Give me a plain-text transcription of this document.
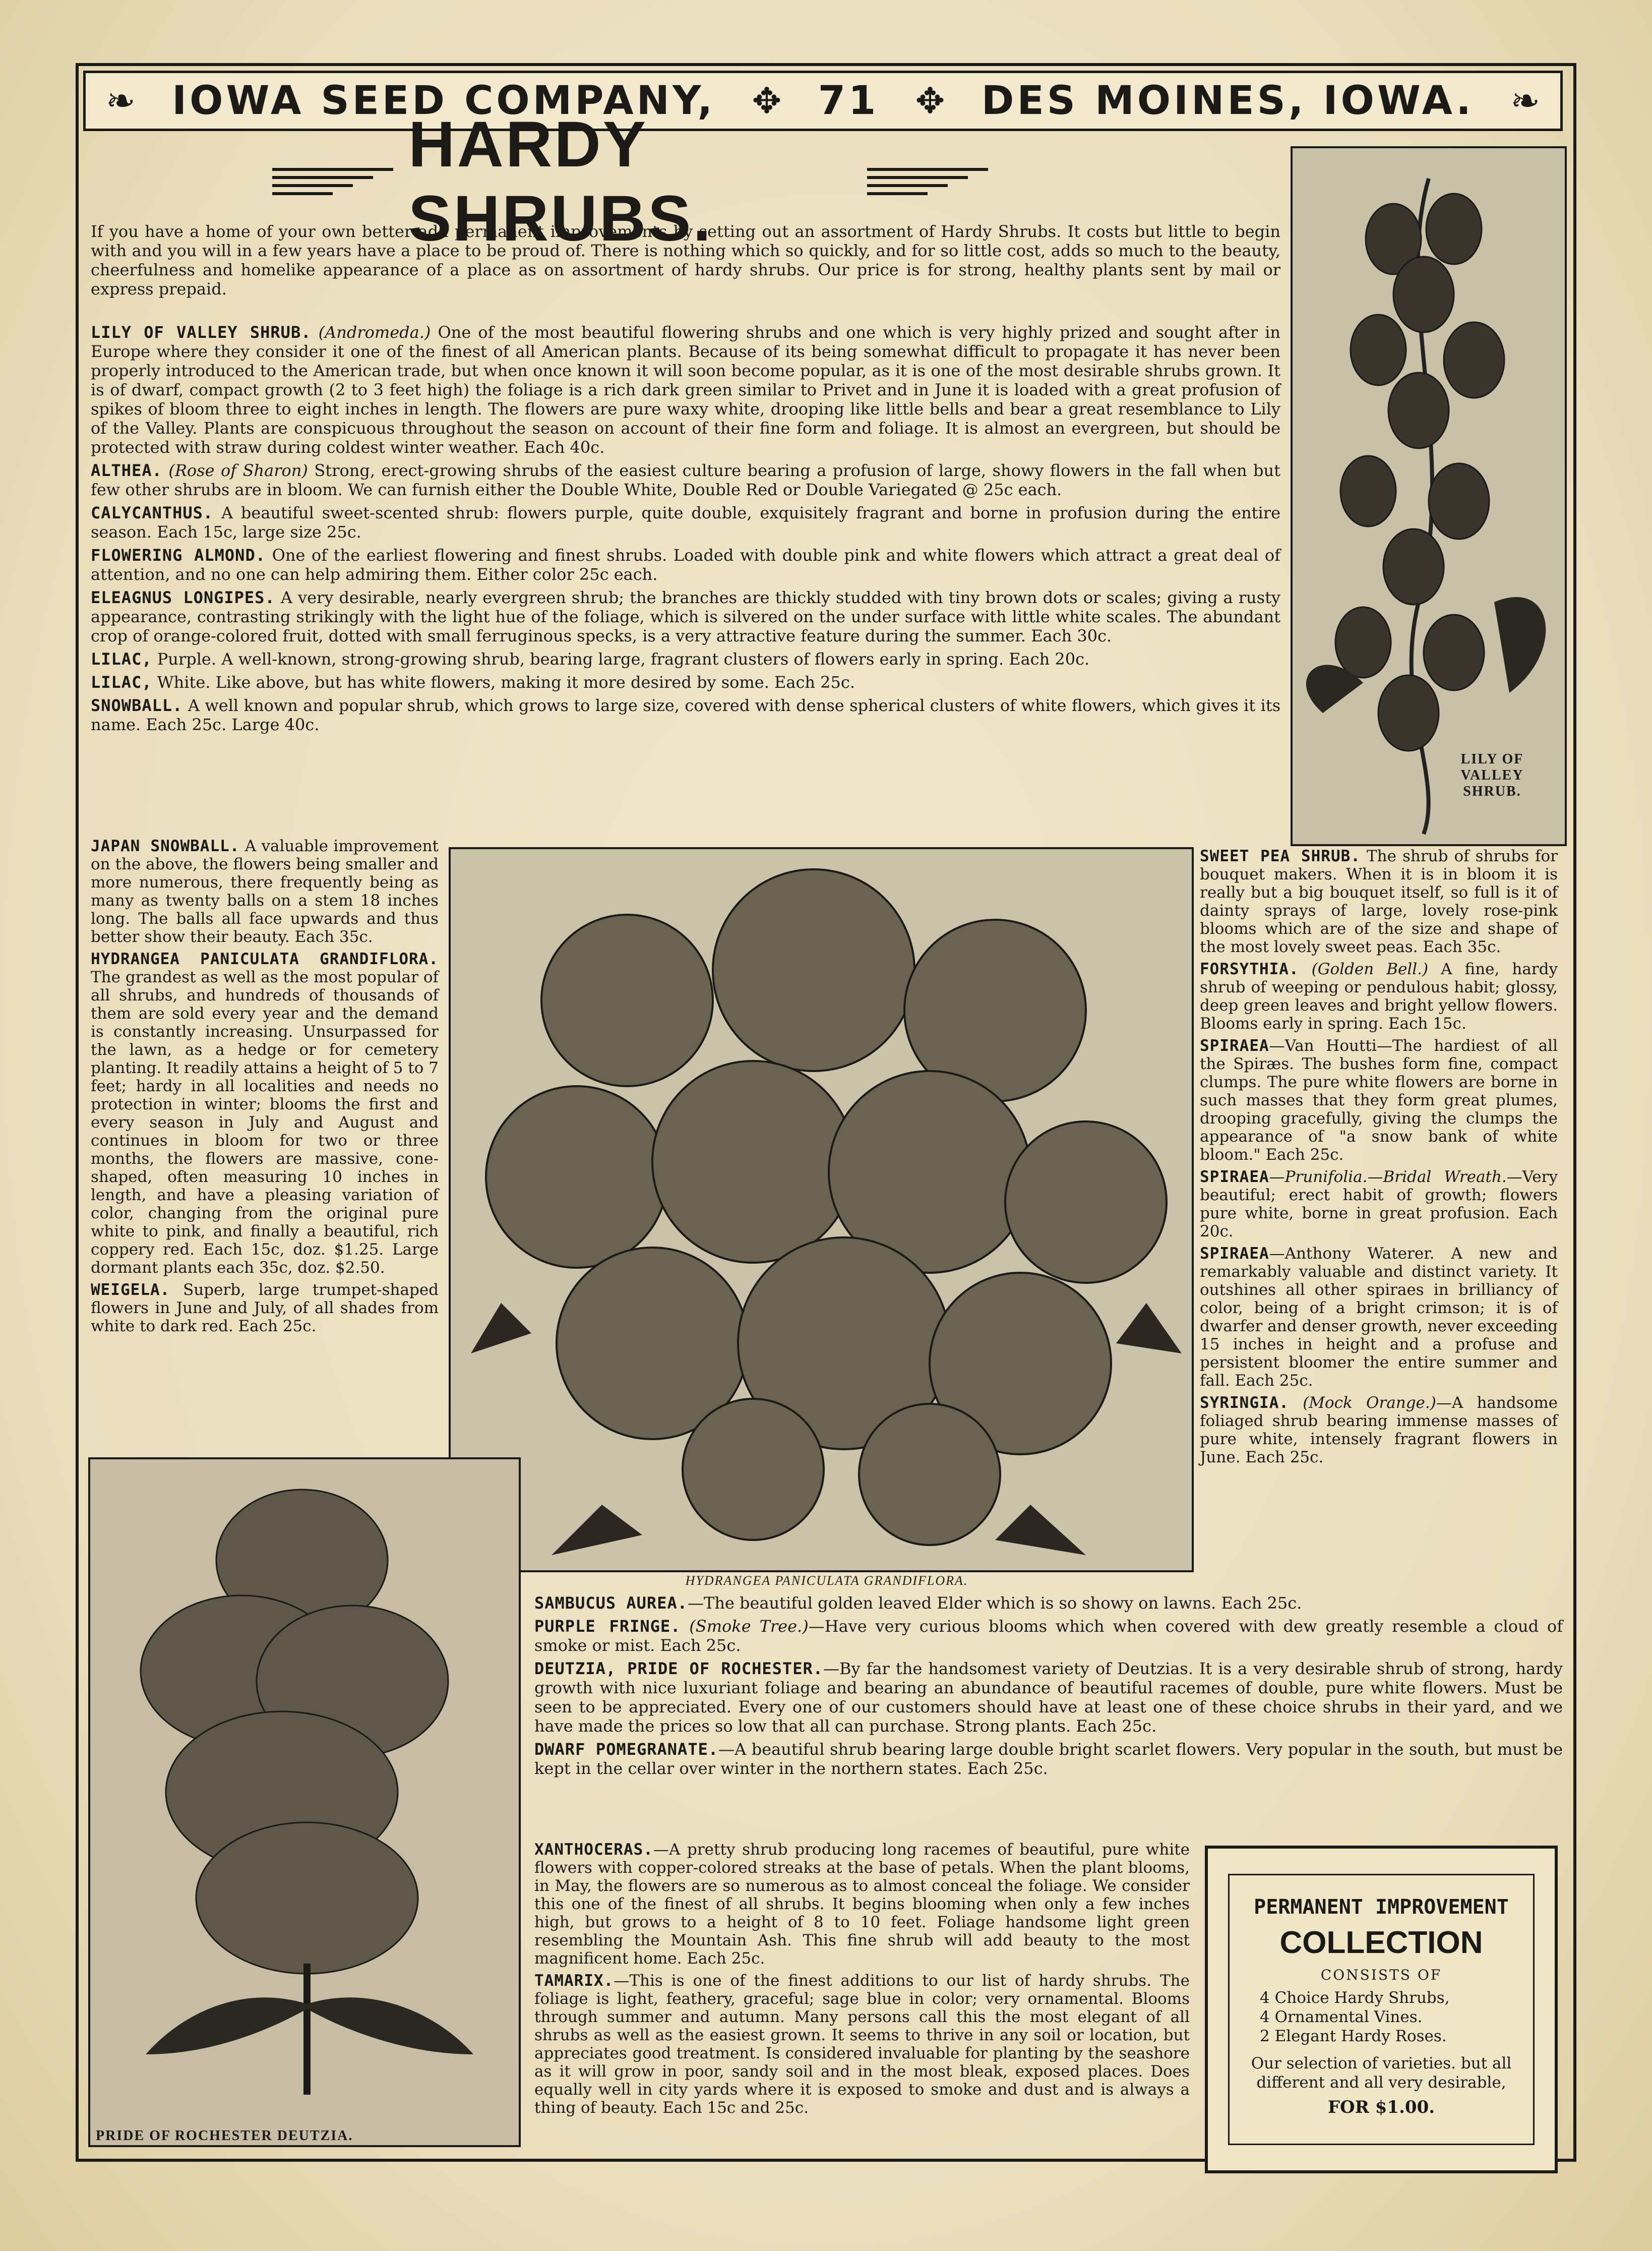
❧ IOWA SEED COMPANY, ✥ 71 ✥ DES MOINES, IOWA. ❧
HARDY SHRUBS.
LILY OF VALLEY SHRUB.

If you have a home of your own better add permanent improvements by setting out an assortment of Hardy Shrubs. It costs but little to begin with and you will in a few years have a place to be proud of. There is nothing which so quickly, and for so little cost, adds so much to the beauty, cheerfulness and homelike appearance of a place as on assortment of hardy shrubs. Our price is for strong, healthy plants sent by mail or express prepaid.

LILY OF VALLEY SHRUB. (Andromeda.) One of the most beautiful flowering shrubs and one which is very highly prized and sought after in Europe where they consider it one of the finest of all American plants. Because of its being somewhat difficult to propagate it has never been properly introduced to the American trade, but when once known it will soon become popular, as it is one of the most desirable shrubs grown. It is of dwarf, compact growth (2 to 3 feet high) the foliage is a rich dark green similar to Privet and in June it is loaded with a great profusion of spikes of bloom three to eight inches in length. The flowers are pure waxy white, drooping like little bells and bear a great resemblance to Lily of the Valley. Plants are conspicuous throughout the season on account of their fine form and foliage. It is almost an evergreen, but should be protected with straw during coldest winter weather. Each 40c.

ALTHEA. (Rose of Sharon) Strong, erect-growing shrubs of the easiest culture bearing a profusion of large, showy flowers in the fall when but few other shrubs are in bloom. We can furnish either the Double White, Double Red or Double Variegated @ 25c each.

CALYCANTHUS. A beautiful sweet-scented shrub: flowers purple, quite double, exquisitely fragrant and borne in profusion during the entire season. Each 15c, large size 25c.

FLOWERING ALMOND. One of the earliest flowering and finest shrubs. Loaded with double pink and white flowers which attract a great deal of attention, and no one can help admiring them. Either color 25c each.

ELEAGNUS LONGIPES. A very desirable, nearly evergreen shrub; the branches are thickly studded with tiny brown dots or scales; giving a rusty appearance, contrasting strikingly with the light hue of the foliage, which is silvered on the under surface with little white scales. The abundant crop of orange-colored fruit, dotted with small ferruginous specks, is a very attractive feature during the summer. Each 30c.

LILAC, Purple. A well-known, strong-growing shrub, bearing large, fragrant clusters of flowers early in spring. Each 20c.

LILAC, White. Like above, but has white flowers, making it more desired by some. Each 25c.

SNOWBALL. A well known and popular shrub, which grows to large size, covered with dense spherical clusters of white flowers, which gives it its name. Each 25c. Large 40c.

JAPAN SNOWBALL. A valuable improvement on the above, the flowers being smaller and more numerous, there frequently being as many as twenty balls on a stem 18 inches long. The balls all face upwards and thus better show their beauty. Each 35c.

HYDRANGEA PANICULATA GRANDIFLORA. The grandest as well as the most popular of all shrubs, and hundreds of thousands of them are sold every year and the demand is constantly increasing. Unsurpassed for the lawn, as a hedge or for cemetery planting. It readily attains a height of 5 to 7 feet; hardy in all localities and needs no protection in winter; blooms the first and every season in July and August and continues in bloom for two or three months, the flowers are massive, cone-shaped, often measuring 10 inches in length, and have a pleasing variation of color, changing from the original pure white to pink, and finally a beautiful, rich coppery red. Each 15c, doz. $1.25. Large dormant plants each 35c, doz. $2.50.

WEIGELA. Superb, large trumpet-shaped flowers in June and July, of all shades from white to dark red. Each 25c.

HYDRANGEA PANICULATA GRANDIFLORA.

SWEET PEA SHRUB. The shrub of shrubs for bouquet makers. When it is in bloom it is really but a big bouquet itself, so full is it of dainty sprays of large, lovely rose-pink blooms which are of the size and shape of the most lovely sweet peas. Each 35c.

FORSYTHIA. (Golden Bell.) A fine, hardy shrub of weeping or pendulous habit; glossy, deep green leaves and bright yellow flowers. Blooms early in spring. Each 15c.

SPIRAEA—Van Houtti—The hardiest of all the Spiræs. The bushes form fine, compact clumps. The pure white flowers are borne in such masses that they form great plumes, drooping gracefully, giving the clumps the appearance of "a snow bank of white bloom." Each 25c.

SPIRAEA—Prunifolia.—Bridal Wreath.—Very beautiful; erect habit of growth; flowers pure white, borne in great profusion. Each 20c.

SPIRAEA—Anthony Waterer. A new and remarkably valuable and distinct variety. It outshines all other spiraes in brilliancy of color, being of a bright crimson; it is of dwarfer and denser growth, never exceeding 15 inches in height and a profuse and persistent bloomer the entire summer and fall. Each 25c.

SYRINGIA. (Mock Orange.)—A handsome foliaged shrub bearing immense masses of pure white, intensely fragrant flowers in June. Each 25c.

PRIDE OF ROCHESTER DEUTZIA.

SAMBUCUS AUREA.—The beautiful golden leaved Elder which is so showy on lawns. Each 25c.

PURPLE FRINGE. (Smoke Tree.)—Have very curious blooms which when covered with dew greatly resemble a cloud of smoke or mist. Each 25c.

DEUTZIA, PRIDE OF ROCHESTER.—By far the handsomest variety of Deutzias. It is a very desirable shrub of strong, hardy growth with nice luxuriant foliage and bearing an abundance of beautiful racemes of double, pure white flowers. Must be seen to be appreciated. Every one of our customers should have at least one of these choice shrubs in their yard, and we have made the prices so low that all can purchase. Strong plants. Each 25c.

DWARF POMEGRANATE.—A beautiful shrub bearing large double bright scarlet flowers. Very popular in the south, but must be kept in the cellar over winter in the northern states. Each 25c.

XANTHOCERAS.—A pretty shrub producing long racemes of beautiful, pure white flowers with copper-colored streaks at the base of petals. When the plant blooms, in May, the flowers are so numerous as to almost conceal the foliage. We consider this one of the finest of all shrubs. It begins blooming when only a few inches high, but grows to a height of 8 to 10 feet. Foliage handsome light green resembling the Mountain Ash. This fine shrub will add beauty to the most magnificent home. Each 25c.

TAMARIX.—This is one of the finest additions to our list of hardy shrubs. The foliage is light, feathery, graceful; sage blue in color; very ornamental. Blooms through summer and autumn. Many persons call this the most elegant of all shrubs as well as the easiest grown. It seems to thrive in any soil or location, but appreciates good treatment. Is considered invaluable for planting by the seashore as it will grow in poor, sandy soil and in the most bleak, exposed places. Does equally well in city yards where it is exposed to smoke and dust and is always a thing of beauty. Each 15c and 25c.

PERMANENT IMPROVEMENT
COLLECTION
CONSISTS OF
4 Choice Hardy Shrubs,
4 Ornamental Vines.
2 Elegant Hardy Roses.
Our selection of varieties. but all different and all very desirable,
FOR $1.00.
